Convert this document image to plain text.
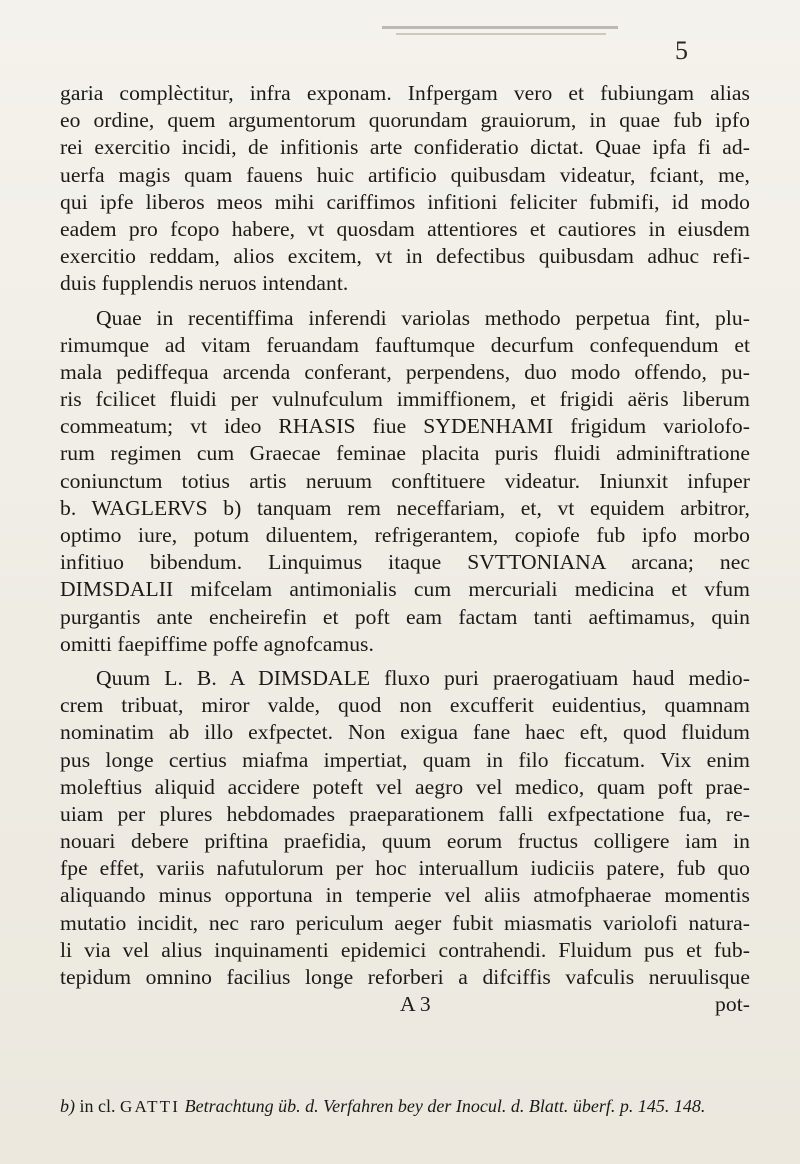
5
garia complèctitur, infra exponam. Infpergam vero et fubiungam alias
eo ordine, quem argumentorum quorundam grauiorum, in quae fub ipfo
rei exercitio incidi, de infitionis arte confideratio dictat. Quae ipfa fi ad-
uerfa magis quam fauens huic artificio quibusdam videatur, fciant, me,
qui ipfe liberos meos mihi cariffimos infitioni feliciter fubmifi, id modo
eadem pro fcopo habere, vt quosdam attentiores et cautiores in eiusdem
exercitio reddam, alios excitem, vt in defectibus quibusdam adhuc refi-
duis fupplendis neruos intendant.
Quae in recentiffima inferendi variolas methodo perpetua fint, plu-
rimumque ad vitam feruandam fauftumque decurfum confequendum et
mala pediffequa arcenda conferant, perpendens, duo modo offendo, pu-
ris fcilicet fluidi per vulnufculum immiffionem, et frigidi aëris liberum
commeatum; vt ideo RHASIS fiue SYDENHAMI frigidum variolofo-
rum regimen cum Graecae feminae placita puris fluidi adminiftratione
coniunctum totius artis neruum conftituere videatur. Iniunxit infuper
b. WAGLERVS b) tanquam rem neceffariam, et, vt equidem arbitror,
optimo iure, potum diluentem, refrigerantem, copiofe fub ipfo morbo
infitiuo bibendum. Linquimus itaque SVTTONIANA arcana; nec
DIMSDALII mifcelam antimonialis cum mercuriali medicina et vfum
purgantis ante encheirefin et poft eam factam tanti aeftimamus, quin
omitti faepiffime poffe agnofcamus.
Quum L. B. A DIMSDALE fluxo puri praerogatiuam haud medio-
crem tribuat, miror valde, quod non excufferit euidentius, quamnam
nominatim ab illo exfpectet. Non exigua fane haec eft, quod fluidum
pus longe certius miafma impertiat, quam in filo ficcatum. Vix enim
moleftius aliquid accidere poteft vel aegro vel medico, quam poft prae-
uiam per plures hebdomades praeparationem falli exfpectatione fua, re-
nouari debere priftina praefidia, quum eorum fructus colligere iam in
fpe effet, variis nafutulorum per hoc interuallum iudiciis patere, fub quo
aliquando minus opportuna in temperie vel aliis atmofphaerae momentis
mutatio incidit, nec raro periculum aeger fubit miasmatis variolofi natura-
li via vel alius inquinamenti epidemici contrahendi. Fluidum pus et fub-
tepidum omnino facilius longe reforberi a difciffis vafculis neruulisque
A 3	pot-
b) in cl. GATTI Betrachtung üb. d. Verfahren bey der Inocul. d. Blatt. überf. p. 145. 148.
